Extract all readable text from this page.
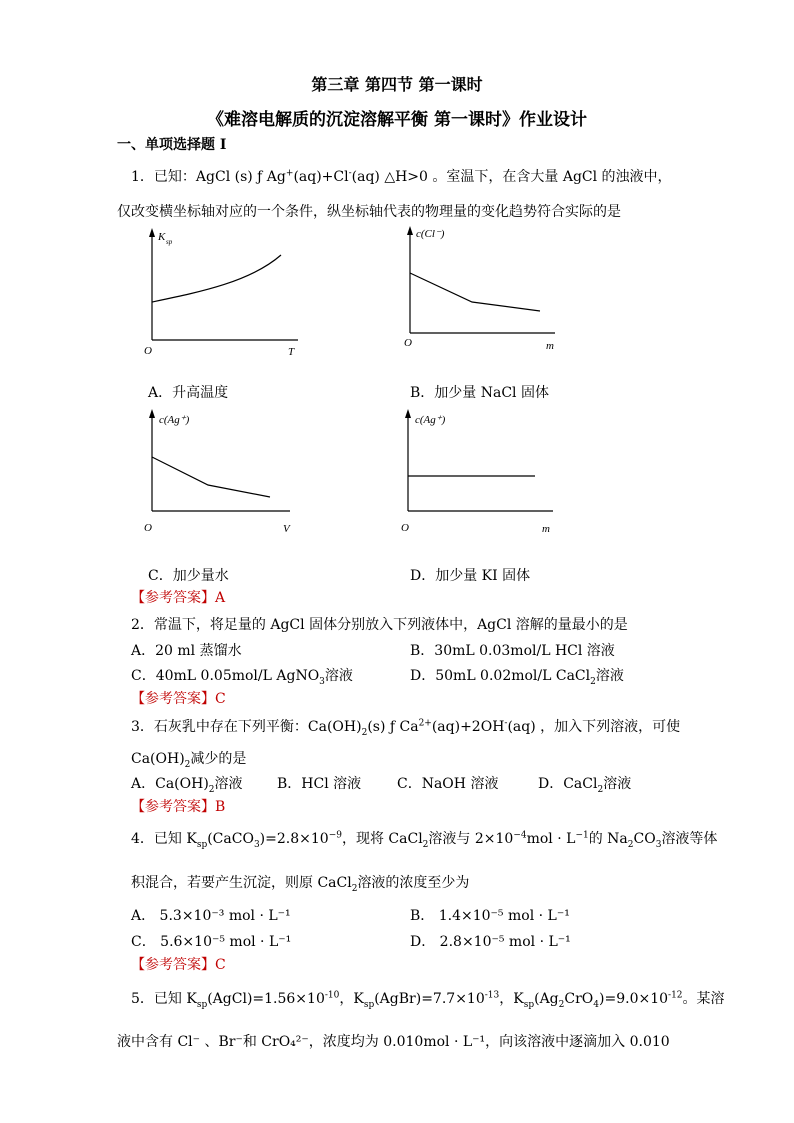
第三章 第四节 第一课时
《难溶电解质的沉淀溶解平衡 第一课时》作业设计
一、单项选择题 I
1．已知：AgCl (s) ƒ Ag+(aq)+Cl-(aq) △H>0 。室温下，在含大量 AgCl 的浊液中，
仅改变横坐标轴对应的一个条件，纵坐标轴代表的物理量的变化趋势符合实际的是
K sp
O	T
c(Cl⁻)
O	m
A．升高温度	B．加少量 NaCl 固体
c(Ag⁺)
O	V
c(Ag⁺)
O	m
C．加少量水	D．加少量 KI 固体
【参考答案】A
2．常温下，将足量的 AgCl 固体分别放入下列液体中，AgCl 溶解的量最小的是
A．20 ml 蒸馏水	B．30mL 0.03mol/L HCl 溶液
C．40mL 0.05mol/L AgNO$_3$溶液	D．50mL 0.02mol/L CaCl$_2$溶液
【参考答案】C
3．石灰乳中存在下列平衡：$Ca(OH)_2(s)$ ƒ $Ca^{2+}(aq)+2OH^-(aq)$ ，加入下列溶液，可使
$Ca(OH)_2$减少的是
A．$Ca(OH)_2$溶液 B．HCl 溶液	C．NaOH 溶液	D．CaCl$_2$溶液
【参考答案】B
4．已知 $K_{sp}(CaCO_3)=2.8\times 10^{-9}$，现将 CaCl$_2$溶液与 $2\times 10^{-4}mol \cdot L^{-1}$的 $Na_2CO_3$溶液等体
积混合，若要产生沉淀，则原 CaCl$_2$溶液的浓度至少为
A． 5.3×10⁻³ mol · L⁻¹	B． 1.4×10⁻⁵ mol · L⁻¹
C． 5.6×10⁻⁵ mol · L⁻¹	D． 2.8×10⁻⁵ mol · L⁻¹
【参考答案】C
5．已知 $K_{sp}(AgCl)=1.56\times 10^{-10}$，$K_{sp}(AgBr)=7.7\times 10^{-13}$，$K_{sp}(Ag_2CrO_4)=9.0\times 10^{-12}$。某溶
液中含有 Cl⁻ 、Br⁻和 CrO₄²⁻，浓度均为 0.010mol · L⁻¹，向该溶液中逐滴加入 0.010
